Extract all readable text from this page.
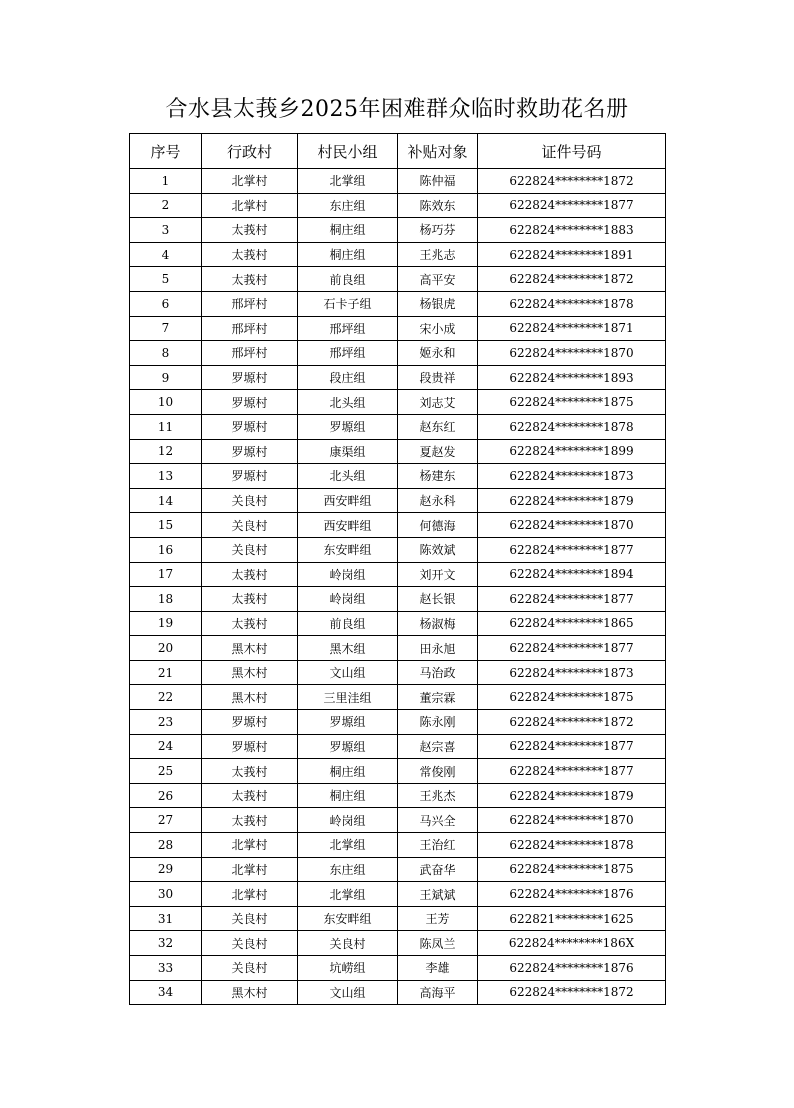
合水县太莪乡2025年困难群众临时救助花名册
序号	行政村	村民小组	补贴对象	证件号码
1	北掌村	北掌组	陈仲福	622824********1872
2	北掌村	东庄组	陈效东	622824********1877
3	太莪村	桐庄组	杨巧芬	622824********1883
4	太莪村	桐庄组	王兆志	622824********1891
5	太莪村	前良组	高平安	622824********1872
6	邢坪村	石卡子组	杨银虎	622824********1878
7	邢坪村	邢坪组	宋小成	622824********1871
8	邢坪村	邢坪组	姬永和	622824********1870
9	罗塬村	段庄组	段贵祥	622824********1893
10	罗塬村	北头组	刘志艾	622824********1875
11	罗塬村	罗塬组	赵东红	622824********1878
12	罗塬村	康渠组	夏赵发	622824********1899
13	罗塬村	北头组	杨建东	622824********1873
14	关良村	西安畔组	赵永科	622824********1879
15	关良村	西安畔组	何德海	622824********1870
16	关良村	东安畔组	陈效斌	622824********1877
17	太莪村	岭岗组	刘开文	622824********1894
18	太莪村	岭岗组	赵长银	622824********1877
19	太莪村	前良组	杨淑梅	622824********1865
20	黑木村	黑木组	田永旭	622824********1877
21	黑木村	文山组	马治政	622824********1873
22	黑木村	三里洼组	董宗霖	622824********1875
23	罗塬村	罗塬组	陈永刚	622824********1872
24	罗塬村	罗塬组	赵宗喜	622824********1877
25	太莪村	桐庄组	常俊刚	622824********1877
26	太莪村	桐庄组	王兆杰	622824********1879
27	太莪村	岭岗组	马兴全	622824********1870
28	北掌村	北掌组	王治红	622824********1878
29	北掌村	东庄组	武奋华	622824********1875
30	北掌村	北掌组	王斌斌	622824********1876
31	关良村	东安畔组	王芳	622821********1625
32	关良村	关良村	陈凤兰	622824********186X
33	关良村	坑崂组	李雄	622824********1876
34	黑木村	文山组	高海平	622824********1872
